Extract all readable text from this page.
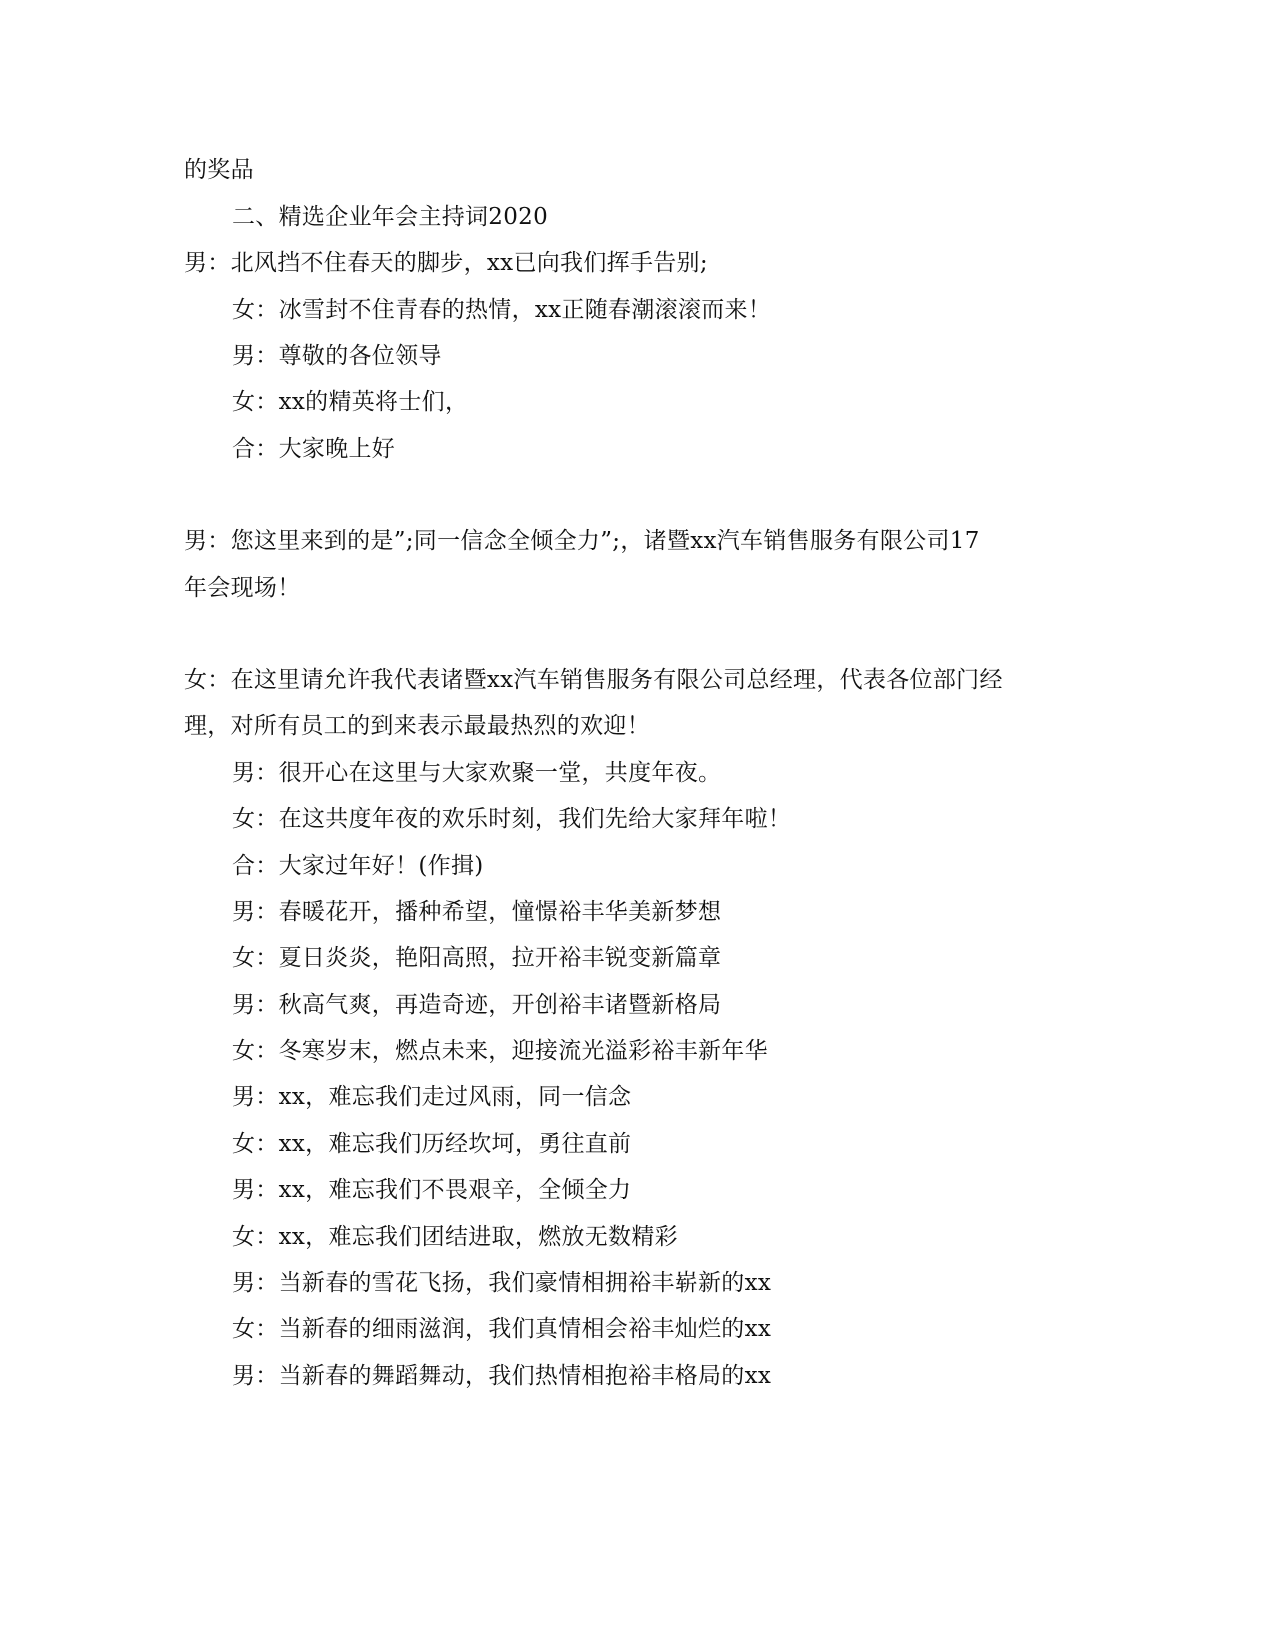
的奖品
二、精选企业年会主持词2020
男：北风挡不住春天的脚步，xx已向我们挥手告别;
女：冰雪封不住青春的热情，xx正随春潮滚滚而来！
男：尊敬的各位领导
女：xx的精英将士们，
合：大家晚上好
男：您这里来到的是”;同一信念全倾全力”;，诸暨xx汽车销售服务有限公司17
年会现场！
女：在这里请允许我代表诸暨xx汽车销售服务有限公司总经理，代表各位部门经
理，对所有员工的到来表示最最热烈的欢迎！
男：很开心在这里与大家欢聚一堂，共度年夜。
女：在这共度年夜的欢乐时刻，我们先给大家拜年啦！
合：大家过年好！(作揖)
男：春暖花开，播种希望，憧憬裕丰华美新梦想
女：夏日炎炎，艳阳高照，拉开裕丰锐变新篇章
男：秋高气爽，再造奇迹，开创裕丰诸暨新格局
女：冬寒岁末，燃点未来，迎接流光溢彩裕丰新年华
男：xx，难忘我们走过风雨，同一信念
女：xx，难忘我们历经坎坷，勇往直前
男：xx，难忘我们不畏艰辛，全倾全力
女：xx，难忘我们团结进取，燃放无数精彩
男：当新春的雪花飞扬，我们豪情相拥裕丰崭新的xx
女：当新春的细雨滋润，我们真情相会裕丰灿烂的xx
男：当新春的舞蹈舞动，我们热情相抱裕丰格局的xx
